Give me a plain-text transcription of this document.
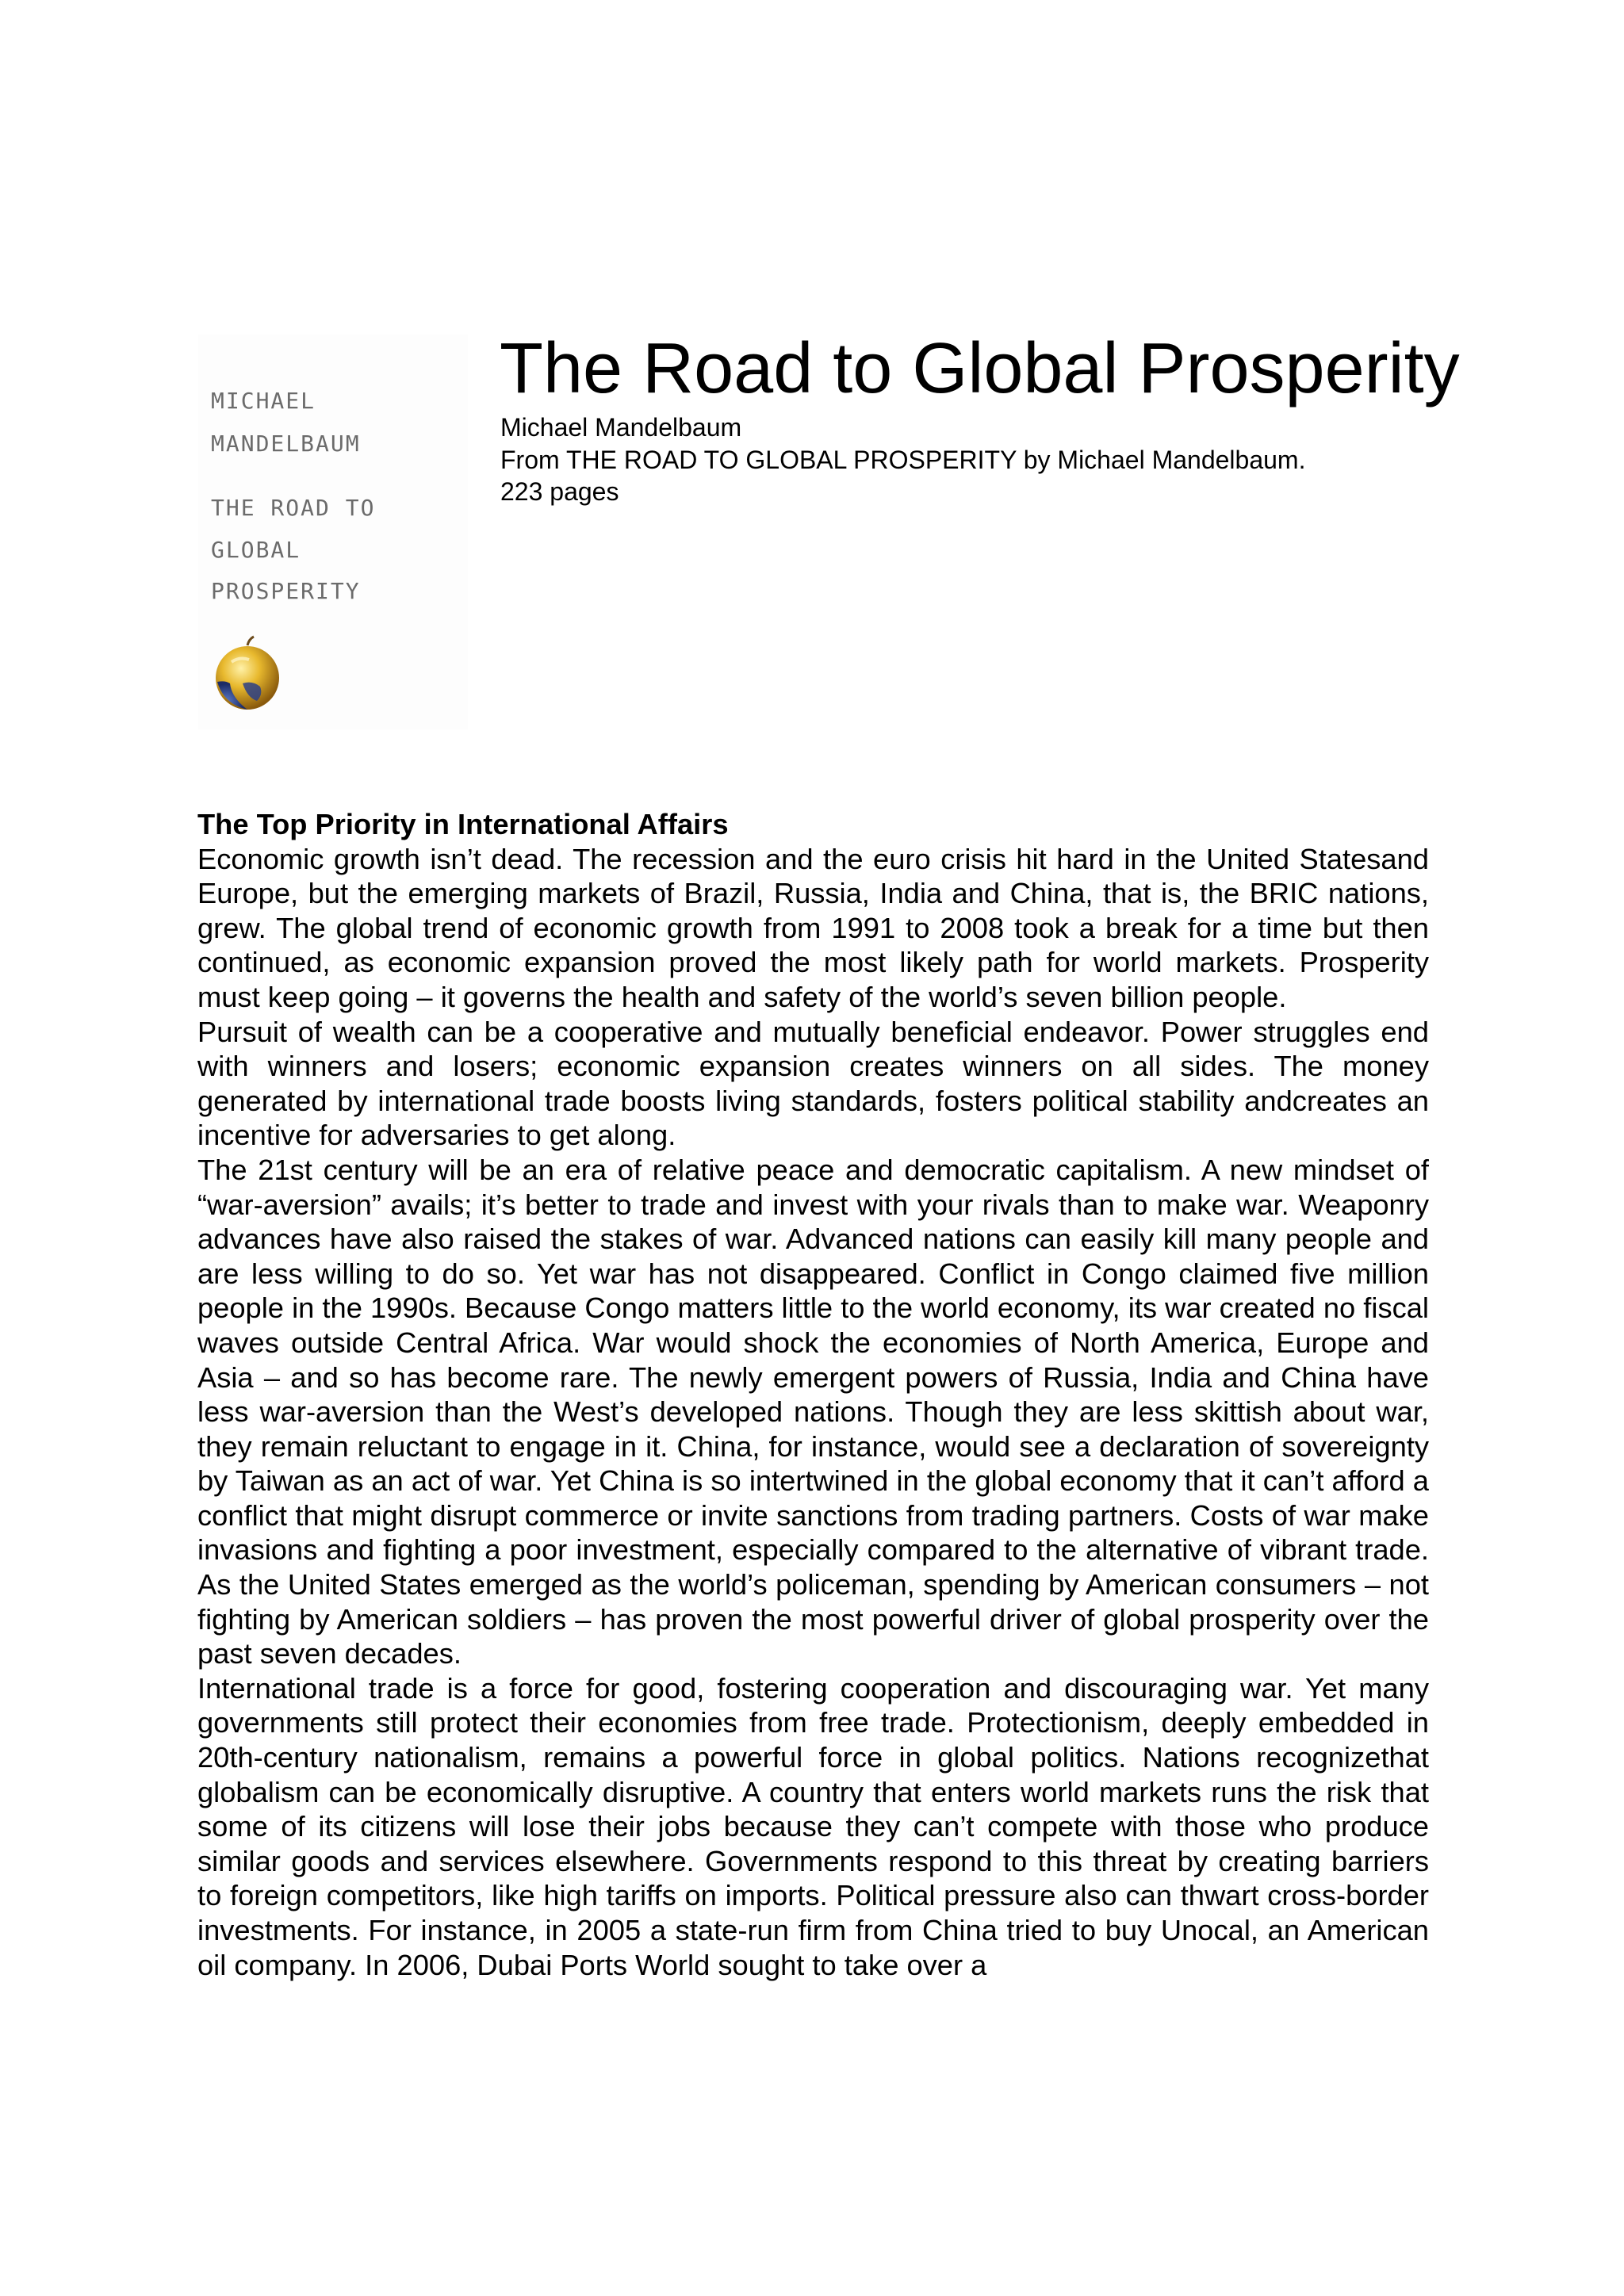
MICHAEL
MANDELBAUM
THE ROAD TO
GLOBAL
PROSPERITY
The Road to Global Prosperity
Michael Mandelbaum
From THE ROAD TO GLOBAL PROSPERITY by Michael Mandelbaum.
223 pages
The Top Priority in International Affairs

Economic growth isn’t dead. The recession and the euro crisis hit hard in the United Statesand Europe, but the emerging markets of Brazil, Russia, India and China, that is, the BRIC nations, grew. The global trend of economic growth from 1991 to 2008 took a break for a time but then continued, as economic expansion proved the most likely path for world markets. Prosperity must keep going – it governs the health and safety of the world’s seven billion people.

Pursuit of wealth can be a cooperative and mutually beneficial endeavor. Power struggles end with winners and losers; economic expansion creates winners on all sides. The money generated by international trade boosts living standards, fosters political stability andcreates an incentive for adversaries to get along.

The 21st century will be an era of relative peace and democratic capitalism. A new mindset of “war-aversion” avails; it’s better to trade and invest with your rivals than to make war. Weaponry advances have also raised the stakes of war. Advanced nations can easily kill many people and are less willing to do so. Yet war has not disappeared. Conflict in Congo claimed five million people in the 1990s. Because Congo matters little to the world economy, its war created no fiscal waves outside Central Africa. War would shock the economies of North America, Europe and Asia – and so has become rare. The newly emergent powers of Russia, India and China have less war-aversion than the West’s developed nations. Though they are less skittish about war, they remain reluctant to engage in it. China, for instance, would see a declaration of sovereignty by Taiwan as an act of war. Yet China is so intertwined in the global economy that it can’t afford a conflict that might disrupt commerce or invite sanctions from trading partners. Costs of war make invasions and fighting a poor investment, especially compared to the alternative of vibrant trade. As the United States emerged as the world’s policeman, spending by American consumers – not fighting by American soldiers – has proven the most powerful driver of global prosperity over the past seven decades.

International trade is a force for good, fostering cooperation and discouraging war. Yet many governments still protect their economies from free trade. Protectionism, deeply embedded in 20th-century nationalism, remains a powerful force in global politics. Nations recognizethat globalism can be economically disruptive. A country that enters world markets runs the risk that some of its citizens will lose their jobs because they can’t compete with those who produce similar goods and services elsewhere. Governments respond to this threat by creating barriers to foreign competitors, like high tariffs on imports. Political pressure also can thwart cross-border investments. For instance, in 2005 a state-run firm from China tried to buy Unocal, an American oil company. In 2006, Dubai Ports World sought to take over a
